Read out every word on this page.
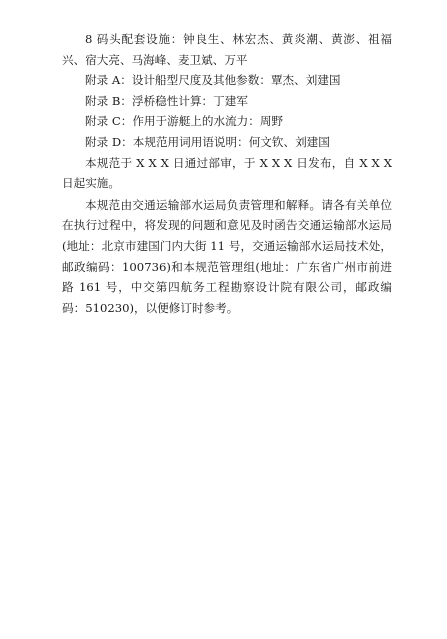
8 码头配套设施：钟良生、林宏杰、黄炎潮、黄澎、祖福兴、宿大亮、马海峰、麦卫斌、万平

附录 A：设计船型尺度及其他参数：覃杰、刘建国

附录 B：浮桥稳性计算：丁建军

附录 C：作用于游艇上的水流力：周野

附录 D：本规范用词用语说明：何文钦、刘建国

本规范于 X X X 日通过部审，于 X X X 日发布，自 X X X 日起实施。

本规范由交通运输部水运局负责管理和解释。请各有关单位在执行过程中，将发现的问题和意见及时函告交通运输部水运局(地址：北京市建国门内大街 11 号，交通运输部水运局技术处，邮政编码：100736)和本规范管理组(地址：广东省广州市前进路 161 号，中交第四航务工程勘察设计院有限公司，邮政编码：510230)，以便修订时参考。
